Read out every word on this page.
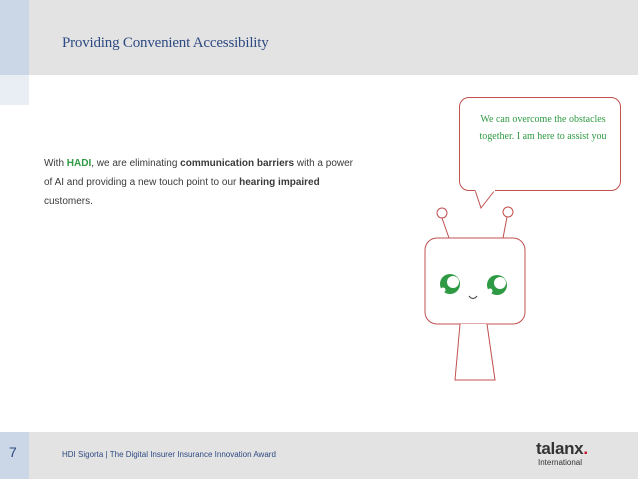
Providing Convenient Accessibility
With HADI, we are eliminating communication barriers with a power of AI and providing a new touch point to our hearing impaired customers.
We can overcome the obstacles together. I am here to assist you
7	HDI Sigorta | The Digital Insurer Insurance Innovation Award	talanx.
International
